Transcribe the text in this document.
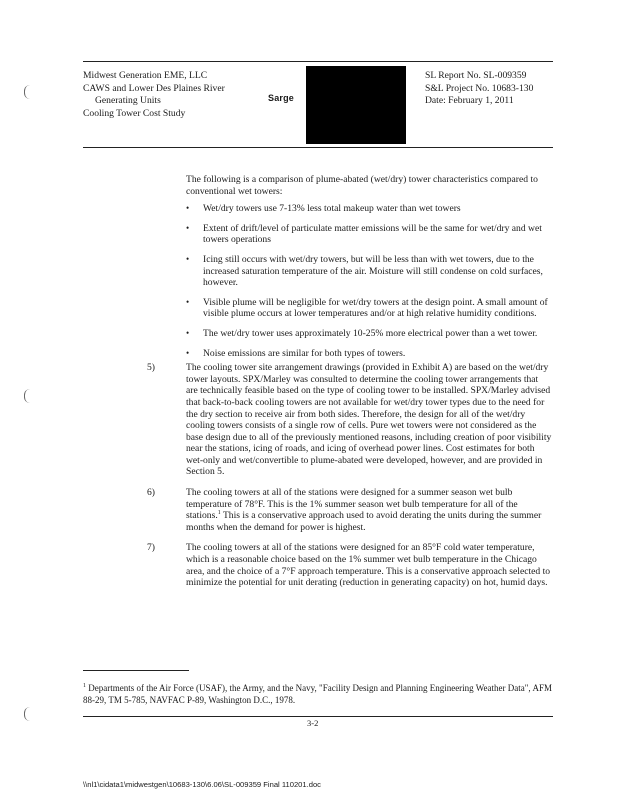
Midwest Generation EME, LLC
CAWS and Lower Des Plaines River
Generating Units
Cooling Tower Cost Study
Sarge
SL Report No. SL-009359
S&L Project No. 10683-130
Date: February 1, 2011

The following is a comparison of plume-abated (wet/dry) tower characteristics compared to conventional wet towers:

• Wet/dry towers use 7-13% less total makeup water than wet towers
• Extent of drift/level of particulate matter emissions will be the same for wet/dry and wet towers operations
• Icing still occurs with wet/dry towers, but will be less than with wet towers, due to the increased saturation temperature of the air. Moisture will still condense on cold surfaces, however.
• Visible plume will be negligible for wet/dry towers at the design point. A small amount of visible plume occurs at lower temperatures and/or at high relative humidity conditions.
• The wet/dry tower uses approximately 10-25% more electrical power than a wet tower.
• Noise emissions are similar for both types of towers.
5)	The cooling tower site arrangement drawings (provided in Exhibit A) are based on the wet/dry tower layouts. SPX/Marley was consulted to determine the cooling tower arrangements that are technically feasible based on the type of cooling tower to be installed. SPX/Marley advised that back-to-back cooling towers are not available for wet/dry tower types due to the need for the dry section to receive air from both sides. Therefore, the design for all of the wet/dry cooling towers consists of a single row of cells. Pure wet towers were not considered as the base design due to all of the previously mentioned reasons, including creation of poor visibility near the stations, icing of roads, and icing of overhead power lines. Cost estimates for both wet-only and wet/convertible to plume-abated were developed, however, and are provided in Section 5.

6)	The cooling towers at all of the stations were designed for a summer season wet bulb temperature of 78°F. This is the 1% summer season wet bulb temperature for all of the stations.$^1$ This is a conservative approach used to avoid derating the units during the summer months when the demand for power is highest.

7)	The cooling towers at all of the stations were designed for an 85°F cold water temperature, which is a reasonable choice based on the 1% summer wet bulb temperature in the Chicago area, and the choice of a 7°F approach temperature. This is a conservative approach selected to minimize the potential for unit derating (reduction in generating capacity) on hot, humid days.

$^1$ Departments of the Air Force (USAF), the Army, and the Navy, "Facility Design and Planning Engineering Weather Data", AFM 88-29, TM 5-785, NAVFAC P-89, Washington D.C., 1978.
3-2
\\nl1\cidata1\midwestgen\10683-130\6.06\SL-009359 Final 110201.doc
